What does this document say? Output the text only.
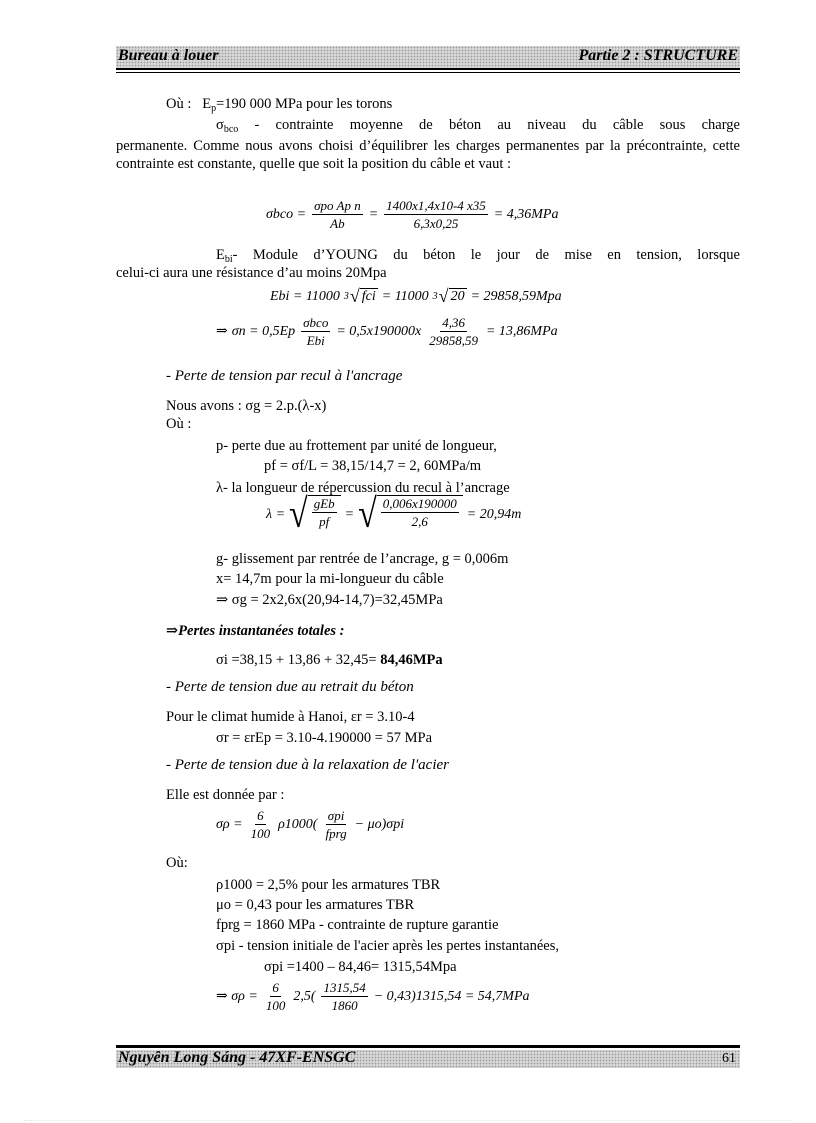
Bureau à louer	Partie 2 : STRUCTURE
Où : $E_p=190$ 000 MPa pour les torons
$\sigma_{bco}$ - contrainte moyenne de béton au niveau du câble sous charge
permanente. Comme nous avons choisi d’équilibrer les charges permanentes par la précontrainte, cette contrainte est constante, quelle que soit la position du câble et vaut :
$\sigma bco = \frac{\text{σpo Ap n}}{Ab} = \frac{1400x1,4x10-4 x35}{6,3x0,25} = 4,36MPa$
$E_{bi}-$ Module d’YOUNG du béton le jour de mise en tension, lorsque
celui-ci aura une résistance d’au moins 20Mpa
Ebi = 11000 3 √ fci = 11000 3 √ 20 = 29858,59Mpa
⇒ $\sigma n = 0,5Ep \frac{\text{σbco}}{\text{Ebi}} = 0,5x190000x \frac{4,36}{29858,59} = 13,86MPa$
- Perte de tension par recul à l'ancrage
Nous avons : σg = 2.p.(λ-x)
Où :
p- perte due au frottement par unité de longueur,
pf = σf/L = 38,15/14,7 = 2, 60MPa/m
λ- la longueur de répercussion du recul à l’ancrage
λ = √ $\frac{\text{gEb}}{pf}$ = √ $\frac{0,006x190000}{2,6} = 20,94m$
g- glissement par rentrée de l’ancrage, g = 0,006m
x= 14,7m pour la mi-longueur du câble
⇒ σg = 2x2,6x(20,94-14,7)=32,45MPa
⇒Pertes instantanées totales :
σi =38,15 + 13,86 + 32,45= 84,46MPa
- Perte de tension due au retrait du béton
Pour le climat humide à Hanoi, εr = 3.10-4
σr = εrEp = 3.10-4.190000 = 57 MPa
- Perte de tension due à la relaxation de l'acier
Elle est donnée par :
$\sigma\rho = \frac{6}{100} \rho 1000( \frac{\text{σpi}}{\text{fprg}} - \mu o)\sigma pi$
Où:
ρ1000 = 2,5% pour les armatures TBR
μo = 0,43 pour les armatures TBR
fprg = 1860 MPa - contrainte de rupture garantie
σpi - tension initiale de l'acier après les pertes instantanées,
σpi =1400 – 84,46= 1315,54Mpa
⇒ $\sigma\rho = \frac{6}{100} 2,5( \frac{1315,54}{1860} - 0,43)1315,54 = 54,7MPa$
Nguyên Long Sáng - 47XF-ENSGC	61
